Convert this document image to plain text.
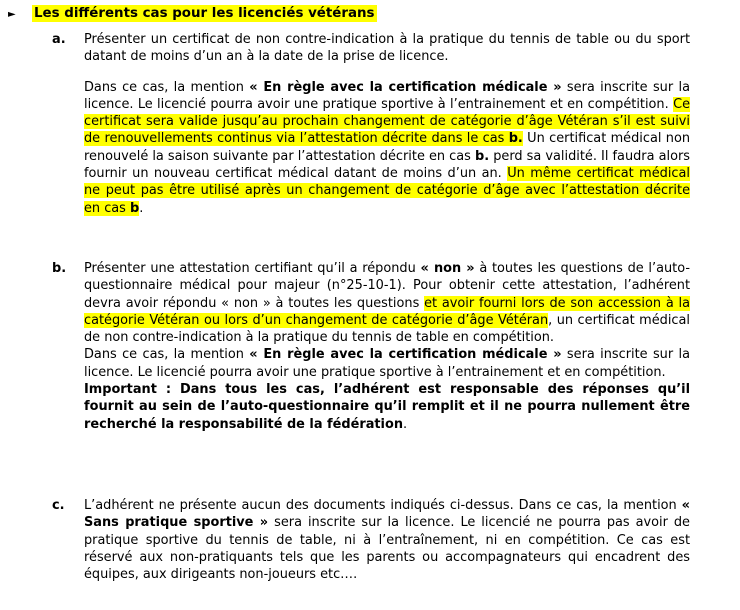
► Les différents cas pour les licenciés vétérans
a.	Présenter un certificat de non contre-indication à la pratique du tennis de table ou du sport datant de moins d’un an à la date de la prise de licence.

Dans ce cas, la mention « En règle avec la certification médicale » sera inscrite sur la licence. Le licencié pourra avoir une pratique sportive à l’entrainement et en compétition. Ce certificat sera valide jusqu’au prochain changement de catégorie d’âge Vétéran s’il est suivi de renouvellements continus via l’attestation décrite dans le cas b. Un certificat médical non renouvelé la saison suivante par l’attestation décrite en cas b. perd sa validité. Il faudra alors fournir un nouveau certificat médical datant de moins d’un an. Un même certificat médical ne peut pas être utilisé après un changement de catégorie d’âge avec l’attestation décrite en cas b.

b.	Présenter une attestation certifiant qu’il a répondu « non » à toutes les questions de l’auto-questionnaire médical pour majeur (n°25-10-1). Pour obtenir cette attestation, l’adhérent devra avoir répondu « non » à toutes les questions et avoir fourni lors de son accession à la catégorie Vétéran ou lors d’un changement de catégorie d’âge Vétéran, un certificat médical de non contre-indication à la pratique du tennis de table en compétition.

Dans ce cas, la mention « En règle avec la certification médicale » sera inscrite sur la licence. Le licencié pourra avoir une pratique sportive à l’entrainement et en compétition.

Important : Dans tous les cas, l’adhérent est responsable des réponses qu’il fournit au sein de l’auto-questionnaire qu’il remplit et il ne pourra nullement être recherché la responsabilité de la fédération.

c.	L’adhérent ne présente aucun des documents indiqués ci-dessus. Dans ce cas, la mention « Sans pratique sportive » sera inscrite sur la licence. Le licencié ne pourra pas avoir de pratique sportive du tennis de table, ni à l’entraînement, ni en compétition. Ce cas est réservé aux non-pratiquants tels que les parents ou accompagnateurs qui encadrent des équipes, aux dirigeants non-joueurs etc….
